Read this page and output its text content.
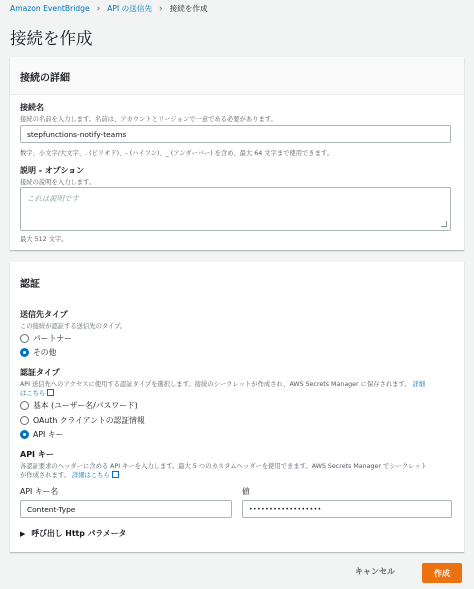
Amazon EventBridge › API の送信先 › 接続を作成
接続を作成
接続の詳細
接続名
接続の名前を入力します。名前は、アカウントとリージョンで一意である必要があります。
stepfunctions-notify-teams
数字、小文字/大文字、. (ピリオド)、- (ハイフン)、_ (アンダーバー) を含め、最大 64 文字まで使用できます。
説明 - オプション
接続の説明を入力します。
これは説明です
最大 512 文字。
認証
送信先タイプ
この接続が認証する送信先のタイプ。
パートナー
その他
認証タイプ
API 送信先へのアクセスに使用する認証タイプを選択します。接続のシークレットが作成され、AWS Secrets Manager に保存されます。 詳細
はこちら
基本 (ユーザー名/パスワード)
OAuth クライアントの認証情報
API キー
API キー
各認証要求のヘッダーに含める API キーを入力します。最大 5 つのカスタムヘッダーを使用できます。AWS Secrets Manager でシークレット
が作成されます。 詳細はこちら
API キー名	値
Content-Type	••••••••••••••••••
▶ 呼び出し Http パラメータ
キャンセル	作成
